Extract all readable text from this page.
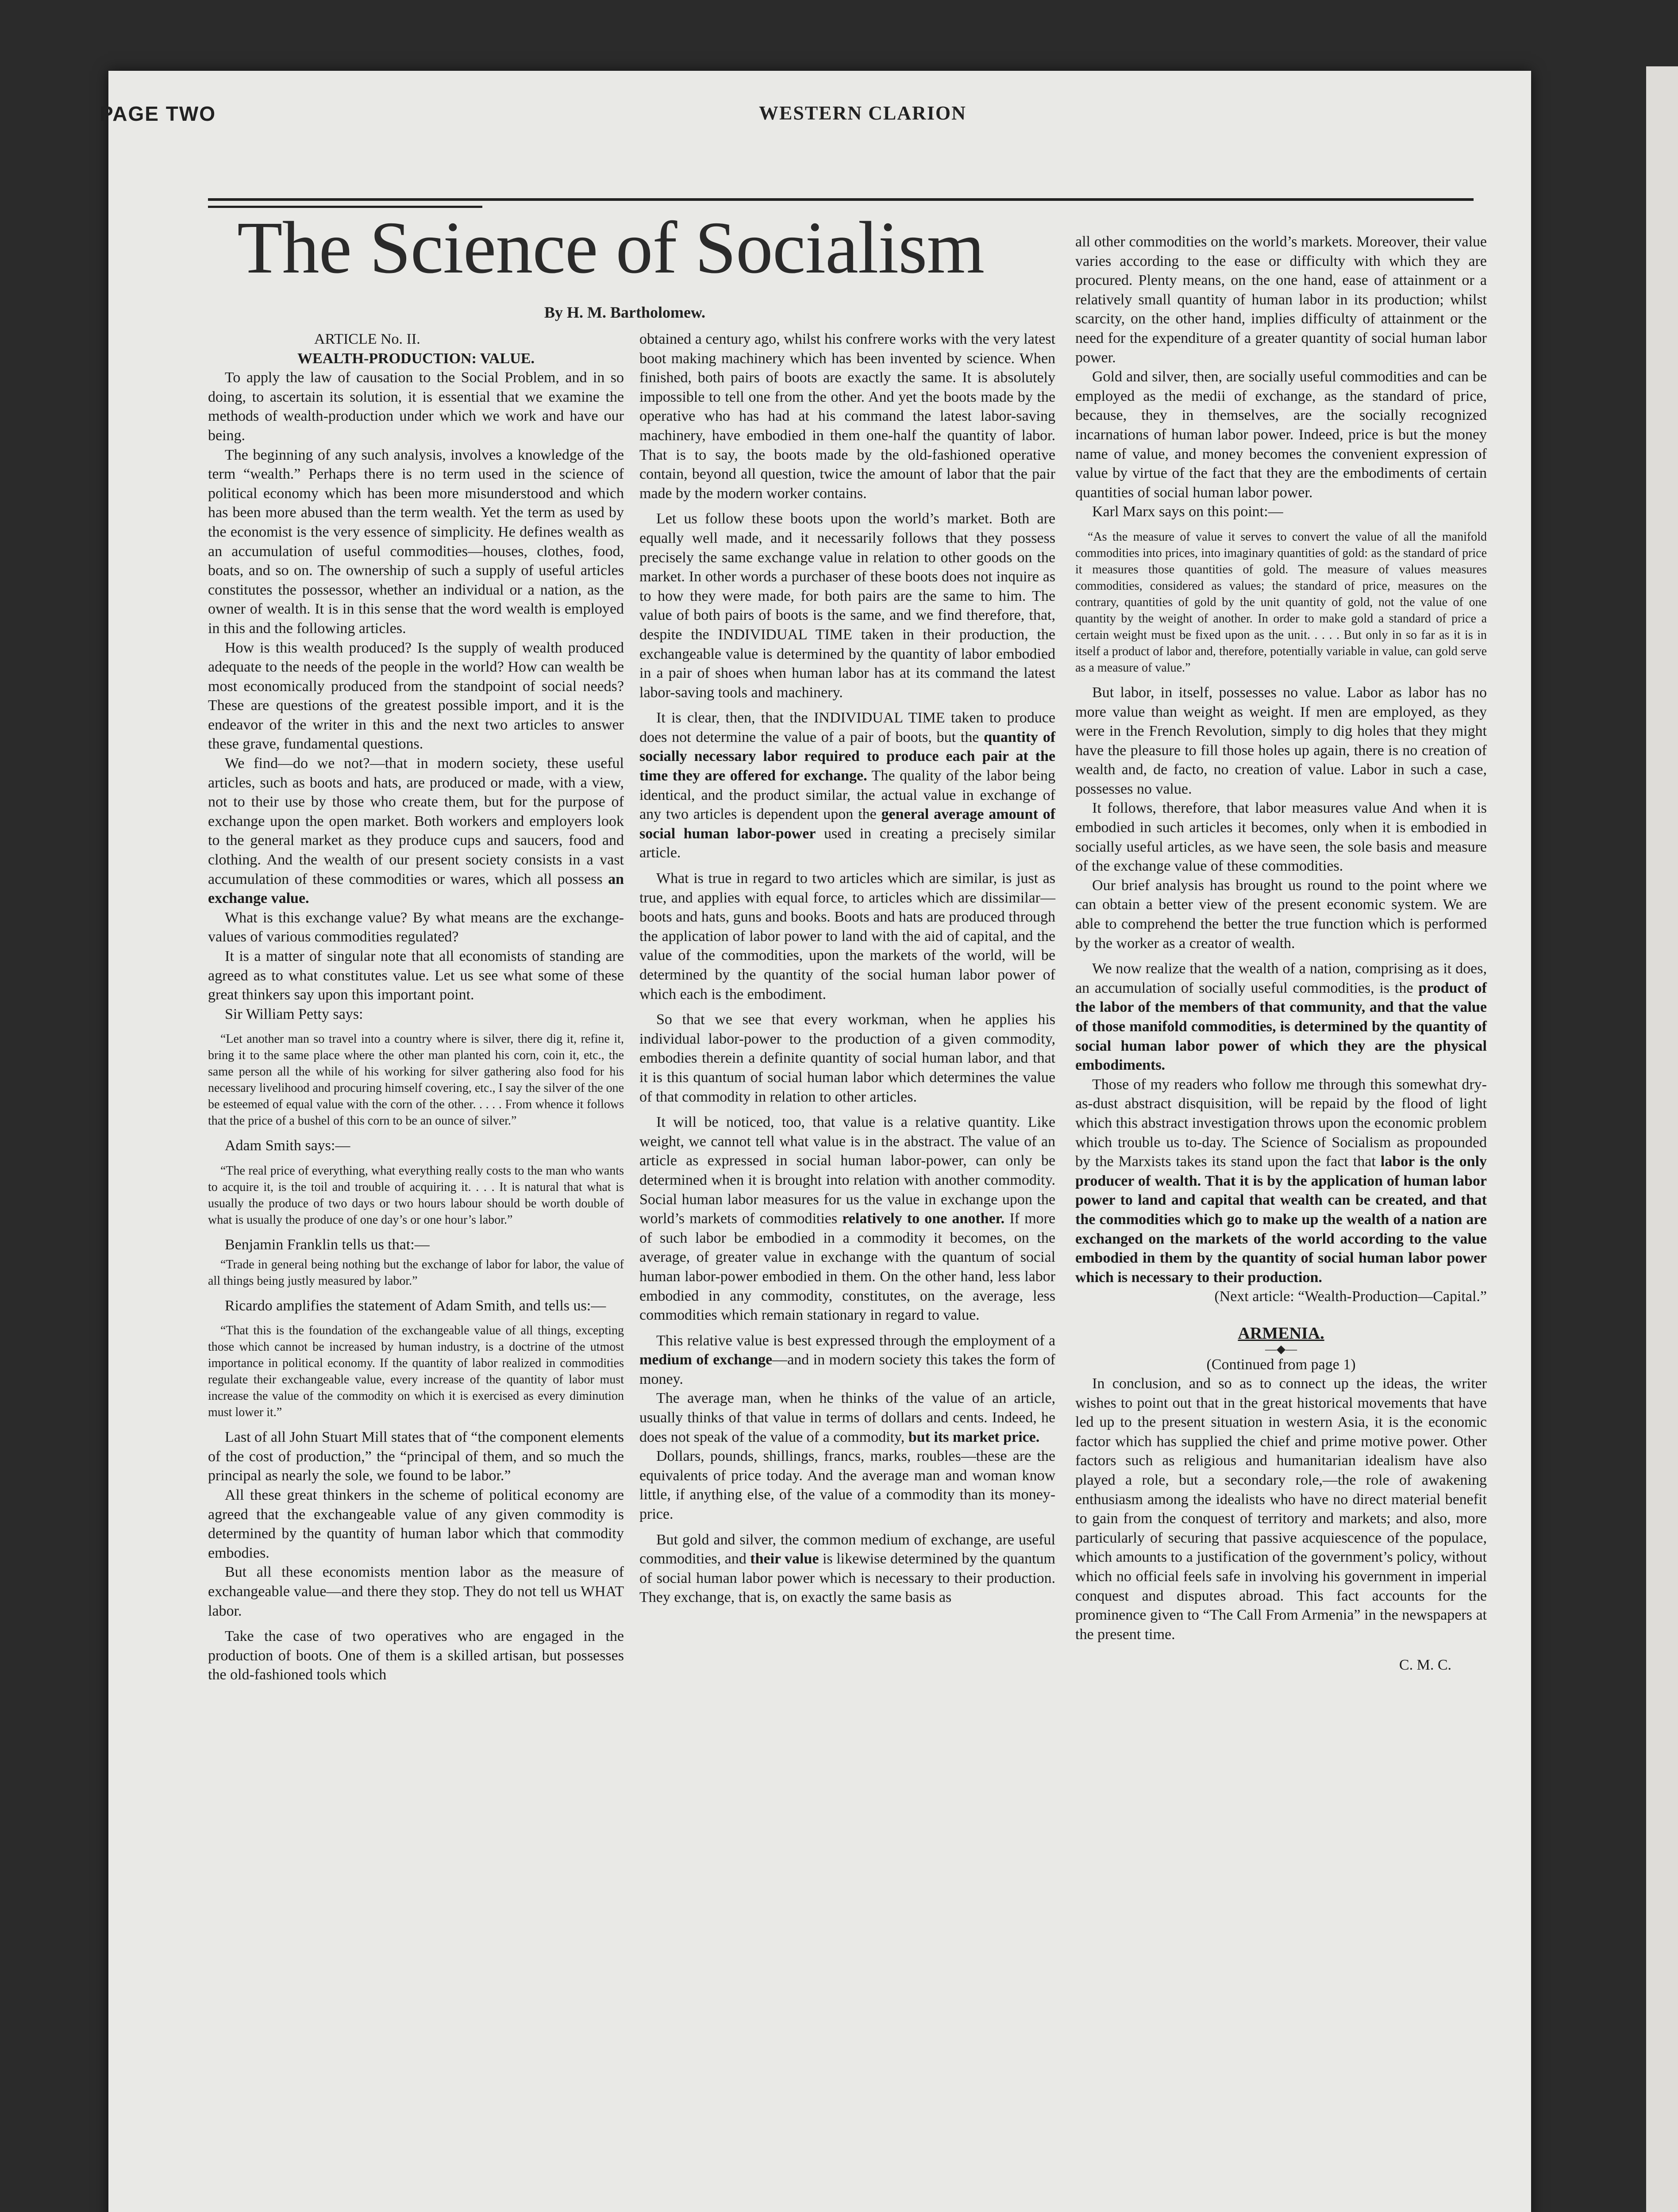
PAGE TWO	WESTERN CLARION
The Science of Socialism
By H. M. Bartholomew.

ARTICLE No. II.

WEALTH-PRODUCTION: VALUE.

To apply the law of causation to the Social Problem, and in so doing, to ascertain its solution, it is essential that we examine the methods of wealth-production under which we work and have our being.

The beginning of any such analysis, involves a knowledge of the term “wealth.” Perhaps there is no term used in the science of political economy which has been more misunderstood and which has been more abused than the term wealth. Yet the term as used by the economist is the very essence of simplicity. He defines wealth as an accumulation of useful commodities—houses, clothes, food, boats, and so on. The ownership of such a supply of useful articles constitutes the possessor, whether an individual or a nation, as the owner of wealth. It is in this sense that the word wealth is employed in this and the following articles.

How is this wealth produced? Is the supply of wealth produced adequate to the needs of the people in the world? How can wealth be most economically produced from the standpoint of social needs? These are questions of the greatest possible import, and it is the endeavor of the writer in this and the next two articles to answer these grave, fundamental questions.

We find—do we not?—that in modern society, these useful articles, such as boots and hats, are produced or made, with a view, not to their use by those who create them, but for the purpose of exchange upon the open market. Both workers and employers look to the general market as they produce cups and saucers, food and clothing. And the wealth of our present society consists in a vast accumulation of these commodities or wares, which all possess an exchange value.

What is this exchange value? By what means are the exchange-values of various commodities regulated?

It is a matter of singular note that all economists of standing are agreed as to what constitutes value. Let us see what some of these great thinkers say upon this important point.

Sir William Petty says:

“Let another man so travel into a country where is silver, there dig it, refine it, bring it to the same place where the other man planted his corn, coin it, etc., the same person all the while of his working for silver gathering also food for his necessary livelihood and procuring himself covering, etc., I say the silver of the one be esteemed of equal value with the corn of the other. . . . . From whence it follows that the price of a bushel of this corn to be an ounce of silver.”

Adam Smith says:—

“The real price of everything, what everything really costs to the man who wants to acquire it, is the toil and trouble of acquiring it. . . . It is natural that what is usually the produce of two days or two hours labour should be worth double of what is usually the produce of one day’s or one hour’s labor.”

Benjamin Franklin tells us that:—

“Trade in general being nothing but the exchange of labor for labor, the value of all things being justly measured by labor.”

Ricardo amplifies the statement of Adam Smith, and tells us:—

“That this is the foundation of the exchangeable value of all things, excepting those which cannot be increased by human industry, is a doctrine of the utmost importance in political economy. If the quantity of labor realized in commodities regulate their exchangeable value, every increase of the quantity of labor must increase the value of the commodity on which it is exercised as every diminution must lower it.”

Last of all John Stuart Mill states that of “the component elements of the cost of production,” the “principal of them, and so much the principal as nearly the sole, we found to be labor.”

All these great thinkers in the scheme of political economy are agreed that the exchangeable value of any given commodity is determined by the quantity of human labor which that commodity embodies.

But all these economists mention labor as the measure of exchangeable value—and there they stop. They do not tell us WHAT labor.

Take the case of two operatives who are engaged in the production of boots. One of them is a skilled artisan, but possesses the old-fashioned tools which

obtained a century ago, whilst his confrere works with the very latest boot making machinery which has been invented by science. When finished, both pairs of boots are exactly the same. It is absolutely impossible to tell one from the other. And yet the boots made by the operative who has had at his command the latest labor-saving machinery, have embodied in them one-half the quantity of labor. That is to say, the boots made by the old-fashioned operative contain, beyond all question, twice the amount of labor that the pair made by the modern worker contains.

Let us follow these boots upon the world’s market. Both are equally well made, and it necessarily follows that they possess precisely the same exchange value in relation to other goods on the market. In other words a purchaser of these boots does not inquire as to how they were made, for both pairs are the same to him. The value of both pairs of boots is the same, and we find therefore, that, despite the INDIVIDUAL TIME taken in their production, the exchangeable value is determined by the quantity of labor embodied in a pair of shoes when human labor has at its command the latest labor-saving tools and machinery.

It is clear, then, that the INDIVIDUAL TIME taken to produce does not determine the value of a pair of boots, but the quantity of socially necessary labor required to produce each pair at the time they are offered for exchange. The quality of the labor being identical, and the product similar, the actual value in exchange of any two articles is dependent upon the general average amount of social human labor-power used in creating a precisely similar article.

What is true in regard to two articles which are similar, is just as true, and applies with equal force, to articles which are dissimilar—boots and hats, guns and books. Boots and hats are produced through the application of labor power to land with the aid of capital, and the value of the commodities, upon the markets of the world, will be determined by the quantity of the social human labor power of which each is the embodiment.

So that we see that every workman, when he applies his individual labor-power to the production of a given commodity, embodies therein a definite quantity of social human labor, and that it is this quantum of social human labor which determines the value of that commodity in relation to other articles.

It will be noticed, too, that value is a relative quantity. Like weight, we cannot tell what value is in the abstract. The value of an article as expressed in social human labor-power, can only be determined when it is brought into relation with another commodity. Social human labor measures for us the value in exchange upon the world’s markets of commodities relatively to one another. If more of such labor be embodied in a commodity it becomes, on the average, of greater value in exchange with the quantum of social human labor-power embodied in them. On the other hand, less labor embodied in any commodity, constitutes, on the average, less commodities which remain stationary in regard to value.

This relative value is best expressed through the employment of a medium of exchange—and in modern society this takes the form of money.

The average man, when he thinks of the value of an article, usually thinks of that value in terms of dollars and cents. Indeed, he does not speak of the value of a commodity, but its market price.

Dollars, pounds, shillings, francs, marks, roubles—these are the equivalents of price today. And the average man and woman know little, if anything else, of the value of a commodity than its money-price.

But gold and silver, the common medium of exchange, are useful commodities, and their value is likewise determined by the quantum of social human labor power which is necessary to their production. They exchange, that is, on exactly the same basis as

all other commodities on the world’s markets. Moreover, their value varies according to the ease or difficulty with which they are procured. Plenty means, on the one hand, ease of attainment or a relatively small quantity of human labor in its production; whilst scarcity, on the other hand, implies difficulty of attainment or the need for the expenditure of a greater quantity of social human labor power.

Gold and silver, then, are socially useful commodities and can be employed as the medii of exchange, as the standard of price, because, they in themselves, are the socially recognized incarnations of human labor power. Indeed, price is but the money name of value, and money becomes the convenient expression of value by virtue of the fact that they are the embodiments of certain quantities of social human labor power.

Karl Marx says on this point:—

“As the measure of value it serves to convert the value of all the manifold commodities into prices, into imaginary quantities of gold: as the standard of price it measures those quantities of gold. The measure of values measures commodities, considered as values; the standard of price, measures on the contrary, quantities of gold by the unit quantity of gold, not the value of one quantity by the weight of another. In order to make gold a standard of price a certain weight must be fixed upon as the unit. . . . . But only in so far as it is in itself a product of labor and, therefore, potentially variable in value, can gold serve as a measure of value.”

But labor, in itself, possesses no value. Labor as labor has no more value than weight as weight. If men are employed, as they were in the French Revolution, simply to dig holes that they might have the pleasure to fill those holes up again, there is no creation of wealth and, de facto, no creation of value. Labor in such a case, possesses no value.

It follows, therefore, that labor measures value And when it is embodied in such articles it becomes, only when it is embodied in socially useful articles, as we have seen, the sole basis and measure of the exchange value of these commodities.

Our brief analysis has brought us round to the point where we can obtain a better view of the present economic system. We are able to comprehend the better the true function which is performed by the worker as a creator of wealth.

We now realize that the wealth of a nation, comprising as it does, an accumulation of socially useful commodities, is the product of the labor of the members of that community, and that the value of those manifold commodities, is determined by the quantity of social human labor power of which they are the physical embodiments.

Those of my readers who follow me through this somewhat dry-as-dust abstract disquisition, will be repaid by the flood of light which this abstract investigation throws upon the economic problem which trouble us to-day. The Science of Socialism as propounded by the Marxists takes its stand upon the fact that labor is the only producer of wealth. That it is by the application of human labor power to land and capital that wealth can be created, and that the commodities which go to make up the wealth of a nation are exchanged on the markets of the world according to the value embodied in them by the quantity of social human labor power which is necessary to their production.

(Next article: “Wealth-Production—Capital.”

ARMENIA.

—◆—

(Continued from page 1)

In conclusion, and so as to connect up the ideas, the writer wishes to point out that in the great historical movements that have led up to the present situation in western Asia, it is the economic factor which has supplied the chief and prime motive power. Other factors such as religious and humanitarian idealism have also played a role, but a secondary role,—the role of awakening enthusiasm among the idealists who have no direct material benefit to gain from the conquest of territory and markets; and also, more particularly of securing that passive acquiescence of the populace, which amounts to a justification of the government’s policy, without which no official feels safe in involving his government in imperial conquest and disputes abroad. This fact accounts for the prominence given to “The Call From Armenia” in the newspapers at the present time.

C. M. C.
